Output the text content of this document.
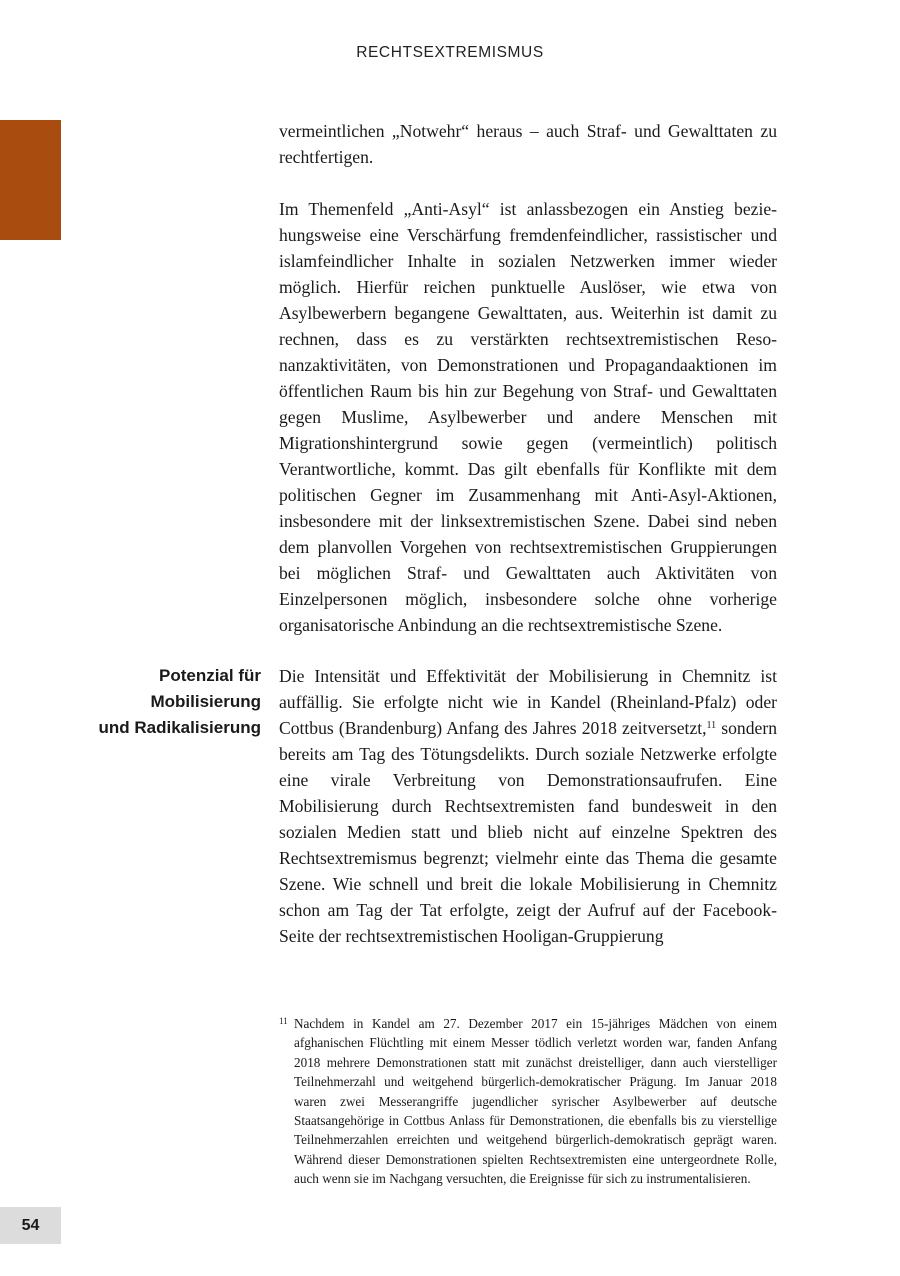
RECHTSEXTREMISMUS

vermeintlichen „Notwehr“ heraus – auch Straf- und Gewalttaten zu rechtfertigen.

Im Themenfeld „Anti-Asyl“ ist anlassbezogen ein Anstieg beziehungsweise eine Verschärfung fremdenfeindlicher, rassistischer und islamfeindlicher Inhalte in sozialen Netzwerken immer wieder möglich. Hierfür reichen punktuelle Auslöser, wie etwa von Asylbewerbern begangene Gewalttaten, aus. Weiterhin ist damit zu rechnen, dass es zu verstärkten rechtsextremistischen Resonanzaktivitäten, von Demonstrationen und Propagandaaktionen im öffentlichen Raum bis hin zur Begehung von Straf- und Gewalttaten gegen Muslime, Asylbewerber und andere Menschen mit Migrationshintergrund sowie gegen (vermeintlich) politisch Verantwortliche, kommt. Das gilt ebenfalls für Konflikte mit dem politischen Gegner im Zusammenhang mit Anti-Asyl-Aktionen, insbesondere mit der linksextremistischen Szene. Dabei sind neben dem planvollen Vorgehen von rechtsextremistischen Gruppierungen bei möglichen Straf- und Gewalttaten auch Aktivitäten von Einzelpersonen möglich, insbesondere solche ohne vorherige organisatorische Anbindung an die rechtsextremistische Szene.

Potenzial für
Mobilisierung
und Radikalisierung

Die Intensität und Effektivität der Mobilisierung in Chemnitz ist auffällig. Sie erfolgte nicht wie in Kandel (Rheinland-Pfalz) oder Cottbus (Brandenburg) Anfang des Jahres 2018 zeitversetzt,$^{11}$ sondern bereits am Tag des Tötungsdelikts. Durch soziale Netzwerke erfolgte eine virale Verbreitung von Demonstrationsaufrufen. Eine Mobilisierung durch Rechtsextremisten fand bundesweit in den sozialen Medien statt und blieb nicht auf einzelne Spektren des Rechtsextremismus begrenzt; vielmehr einte das Thema die gesamte Szene. Wie schnell und breit die lokale Mobilisierung in Chemnitz schon am Tag der Tat erfolgte, zeigt der Aufruf auf der Facebook-Seite der rechtsextremistischen Hooligan-Gruppierung

11 Nachdem in Kandel am 27. Dezember 2017 ein 15-jähriges Mädchen von einem afghanischen Flüchtling mit einem Messer tödlich verletzt worden war, fanden Anfang 2018 mehrere Demonstrationen statt mit zunächst dreistelliger, dann auch vierstelliger Teilnehmerzahl und weitgehend bürgerlich-demokratischer Prägung. Im Januar 2018 waren zwei Messerangriffe jugendlicher syrischer Asylbewerber auf deutsche Staatsangehörige in Cottbus Anlass für Demonstrationen, die ebenfalls bis zu vierstellige Teilnehmerzahlen erreichten und weitgehend bürgerlich-demokratisch geprägt waren. Während dieser Demonstrationen spielten Rechtsextremisten eine untergeordnete Rolle, auch wenn sie im Nachgang versuchten, die Ereignisse für sich zu instrumentalisieren.
54
